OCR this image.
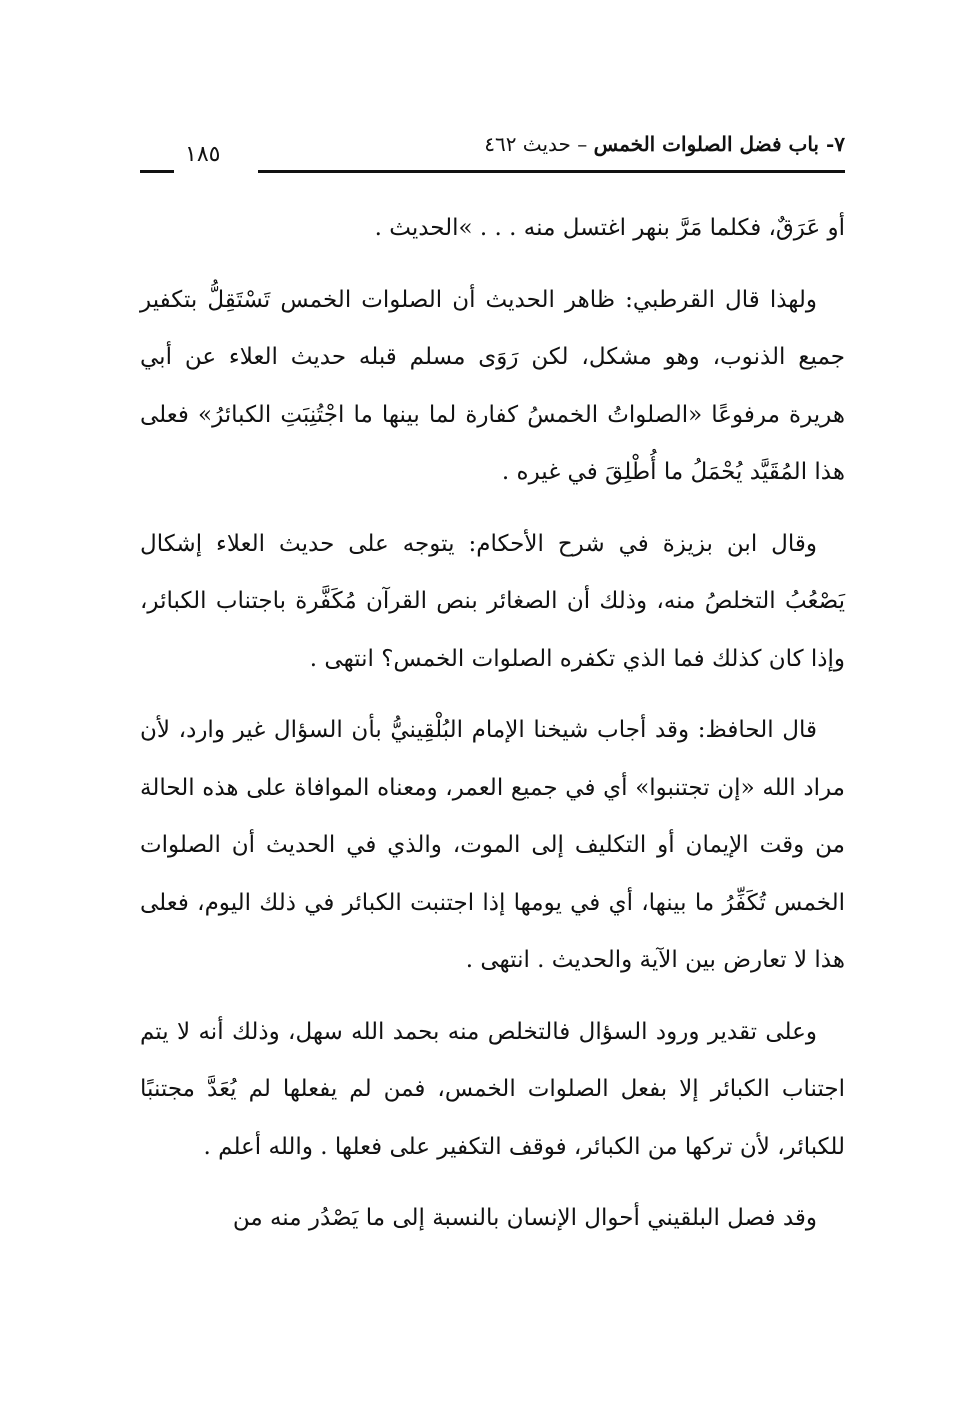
٧- باب فضل الصلوات الخمس – حديث ٤٦٢
١٨٥

أو عَرَقٌ، فكلما مَرَّ بنهر اغتسل منه . . . »الحديث .

ولهذا قال القرطبي: ظاهر الحديث أن الصلوات الخمس تَسْتَقِلُّ بتكفير جميع الذنوب، وهو مشكل، لكن رَوَى مسلم قبله حديث العلاء عن أبي هريرة مرفوعًا «الصلواتُ الخمسُ كفارة لما بينها ما اجْتُنِبَتِ الكبائرُ» فعلى هذا المُقَيَّد يُحْمَلُ ما أُطْلِقَ في غيره .

وقال ابن بزيزة في شرح الأحكام: يتوجه على حديث العلاء إشكال يَصْعُبُ التخلصُ منه، وذلك أن الصغائر بنص القرآن مُكَفَّرة باجتناب الكبائر، وإذا كان كذلك فما الذي تكفره الصلوات الخمس؟ انتهى .

قال الحافظ: وقد أجاب شيخنا الإمام البُلْقِينيُّ بأن السؤال غير وارد، لأن مراد الله «إن تجتنبوا» أي في جميع العمر، ومعناه الموافاة على هذه الحالة من وقت الإيمان أو التكليف إلى الموت، والذي في الحديث أن الصلوات الخمس تُكَفِّرُ ما بينها، أي في يومها إذا اجتنبت الكبائر في ذلك اليوم، فعلى هذا لا تعارض بين الآية والحديث . انتهى .

وعلى تقدير ورود السؤال فالتخلص منه بحمد الله سهل، وذلك أنه لا يتم اجتناب الكبائر إلا بفعل الصلوات الخمس، فمن لم يفعلها لم يُعَدَّ مجتنبًا للكبائر، لأن تركها من الكبائر، فوقف التكفير على فعلها . والله أعلم .

وقد فصل البلقيني أحوال الإنسان بالنسبة إلى ما يَصْدُر منه من
